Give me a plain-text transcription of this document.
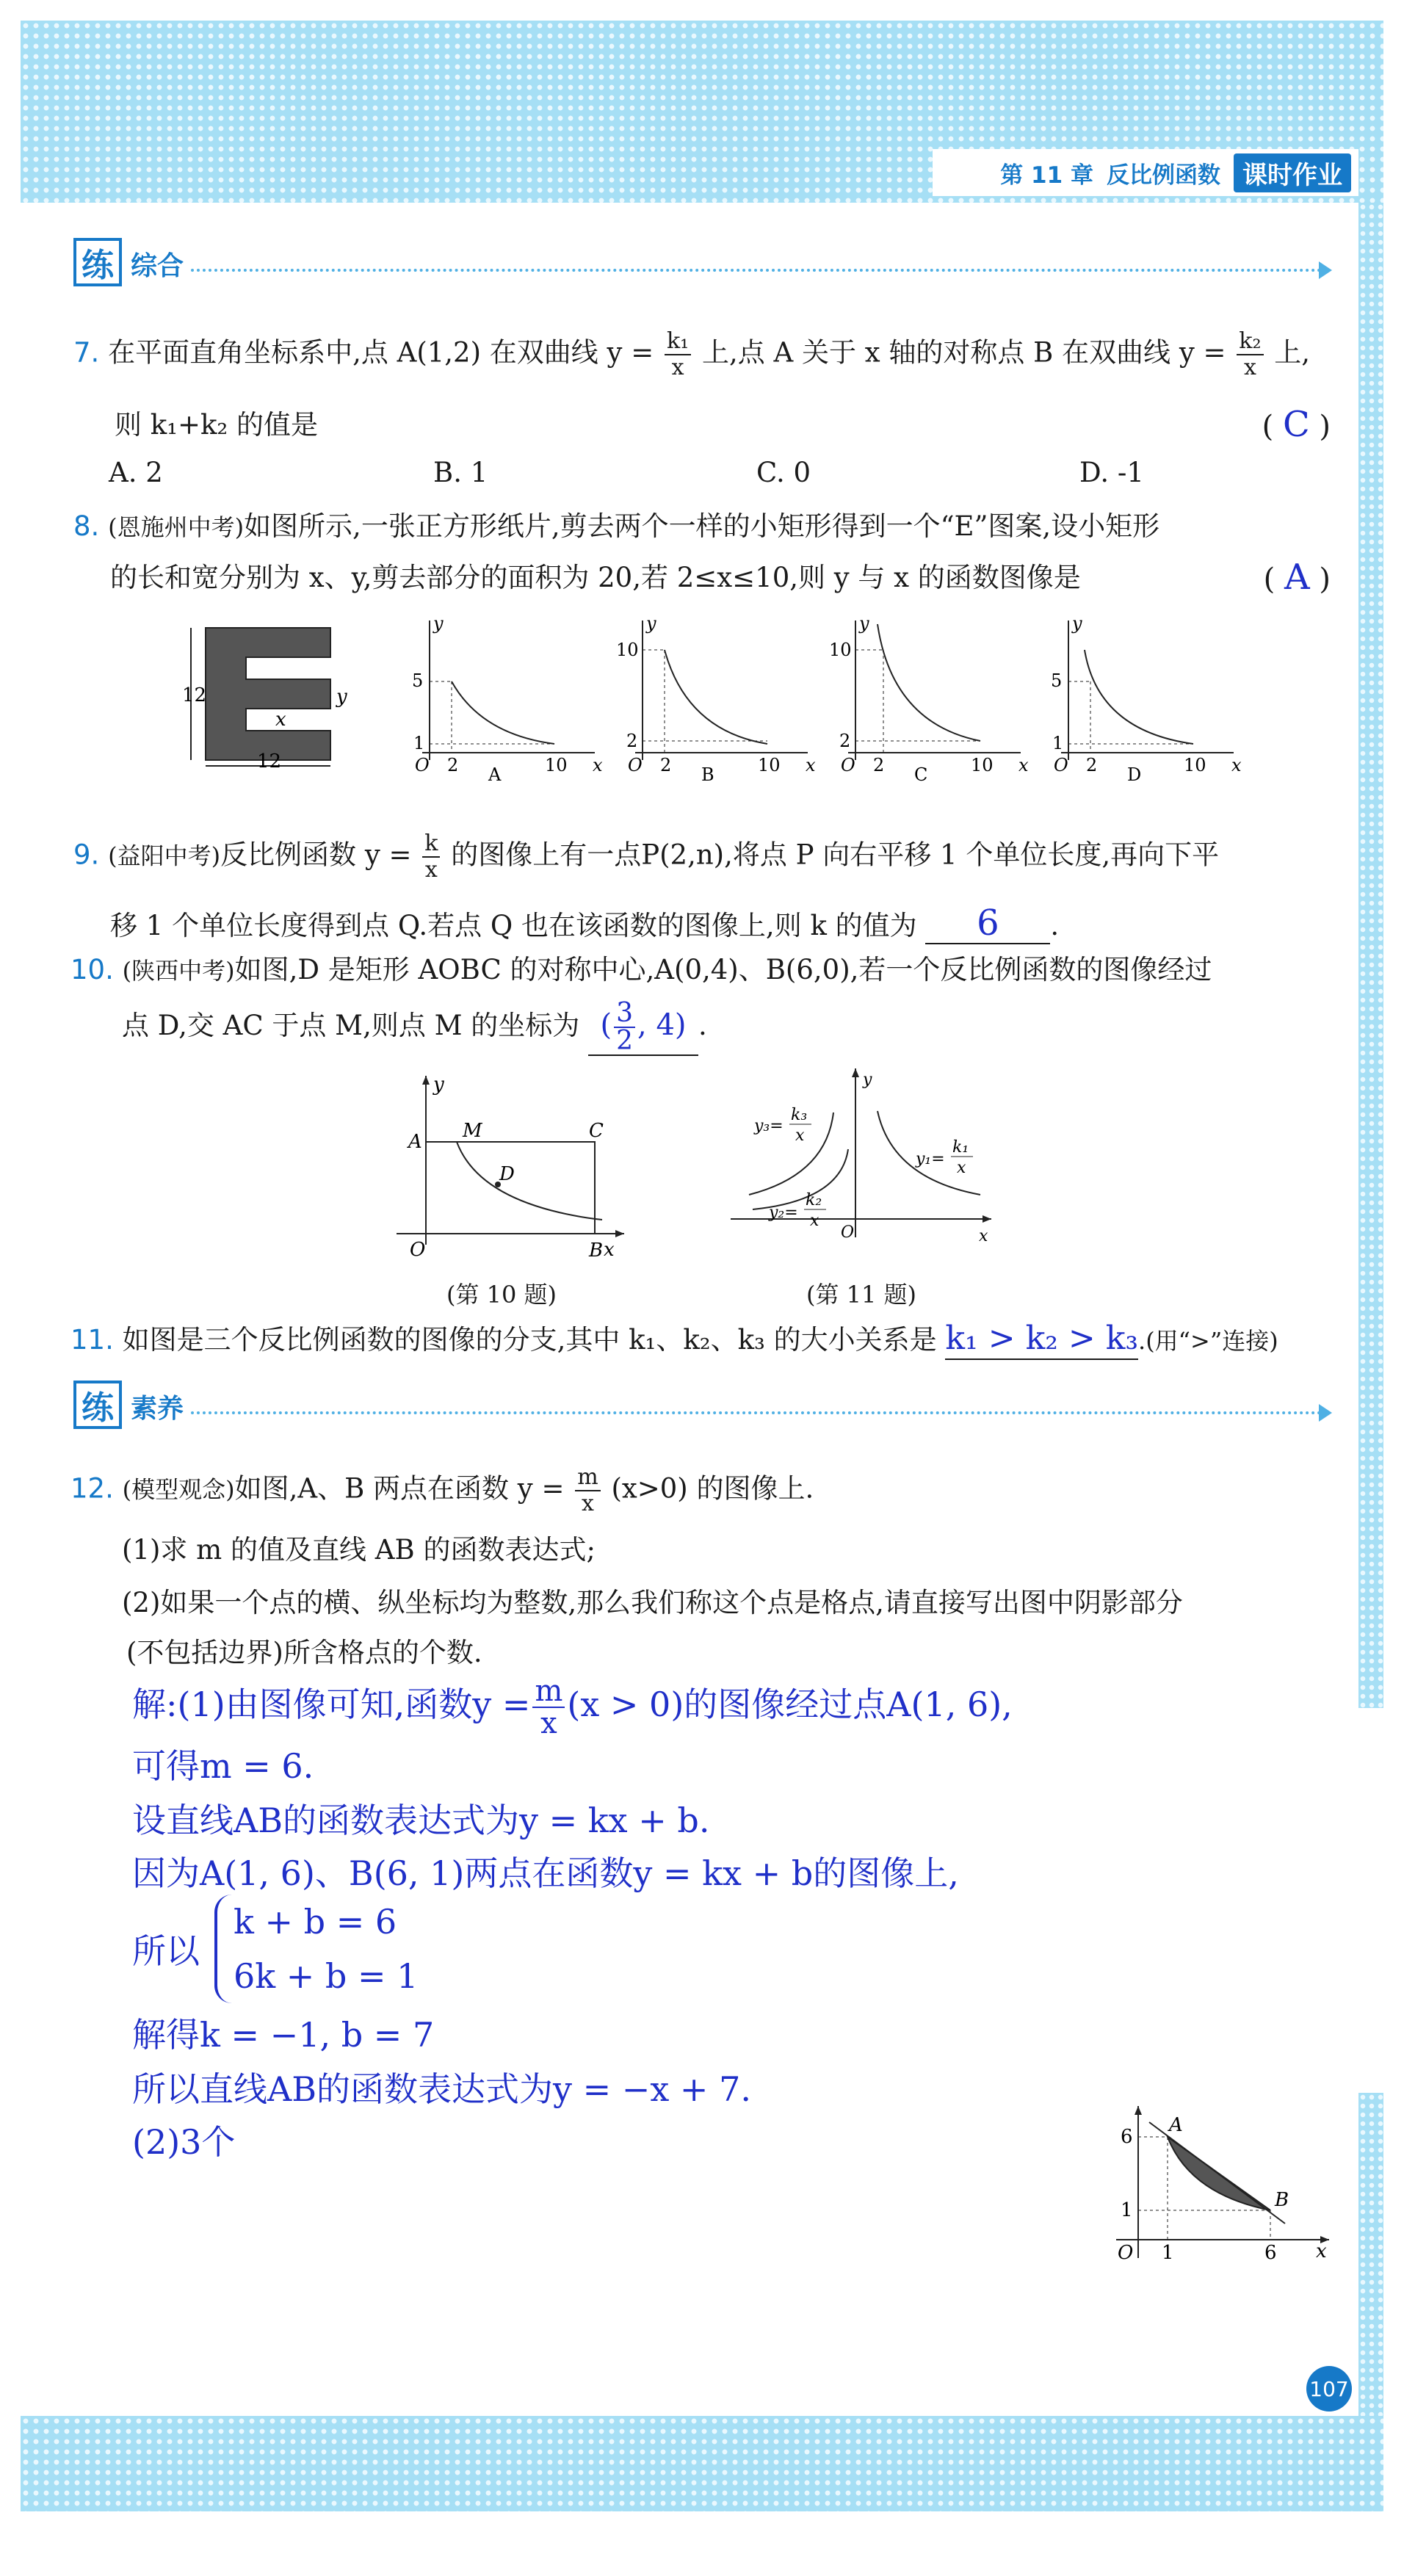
第 11 章 反比例函数 课时作业
练 综合
7. 在平面直角坐标系中,点 A(1,2) 在双曲线 $y = \frac{\text{k₁}}{x}$ 上,点 A 关于 x 轴的对称点 B 在双曲线 $y = \frac{\text{k₂}}{x}$ 上,
则 k₁+k₂ 的值是	( C )
A. 2	B. 1	C. 0	D. -1
8. (恩施州中考)如图所示,一张正方形纸片,剪去两个一样的小矩形得到一个“E”图案,设小矩形
的长和宽分别为 x、y,剪去部分的面积为 20,若 2≤x≤10,则 y 与 x 的函数图像是	( A )
12
x
y
12
y
x
O
5
1
2	10
A
y
x
O
10
2
2	10
B
y
x
O
10
2
2	10
C
y
x
O
5
1
2	10
D
9. (益阳中考)反比例函数 $y = \frac{k}{x}$ 的图像上有一点P(2,n),将点 P 向右平移 1 个单位长度,再向下平
移 1 个单位长度得到点 Q.若点 Q 也在该函数的图像上,则 k 的值为 6 .
10. (陕西中考)如图,D 是矩形 AOBC 的对称中心,A(0,4)、B(6,0),若一个反比例函数的图像经过
点 D,交 AC 于点 M,则点 M 的坐标为 ( $\frac{3}{2}$ , 4) .
y
x
O
A M	C
D
B
(第 10 题)
y
x
O
y₁=
k₁
x
y₃=
k₃
x
y₂=
k₂
x
(第 11 题)
11. 如图是三个反比例函数的图像的分支,其中 k₁、k₂、k₃ 的大小关系是 k₁ > k₂ > k₃.(用“>”连接)
练 素养
12. (模型观念)如图,A、B 两点在函数 $y = \frac{m}{x} (x>0)$ 的图像上.
(1)求 m 的值及直线 AB 的函数表达式;
(2)如果一个点的横、纵坐标均为整数,那么我们称这个点是格点,请直接写出图中阴影部分
(不包括边界)所含格点的个数.
解:(1)由图像可知,函数$y = \frac{m}{x} (x > 0)$的图像经过点A(1, 6),
可得m = 6.
设直线AB的函数表达式为y = kx + b.
因为A(1, 6)、B(6, 1)两点在函数y = kx + b的图像上,
所以
k + b = 6
6k + b = 1
解得k = −1, b = 7
所以直线AB的函数表达式为y = −x + 7.
(2)3个	6
1
1	6
A
B
O	x
107
